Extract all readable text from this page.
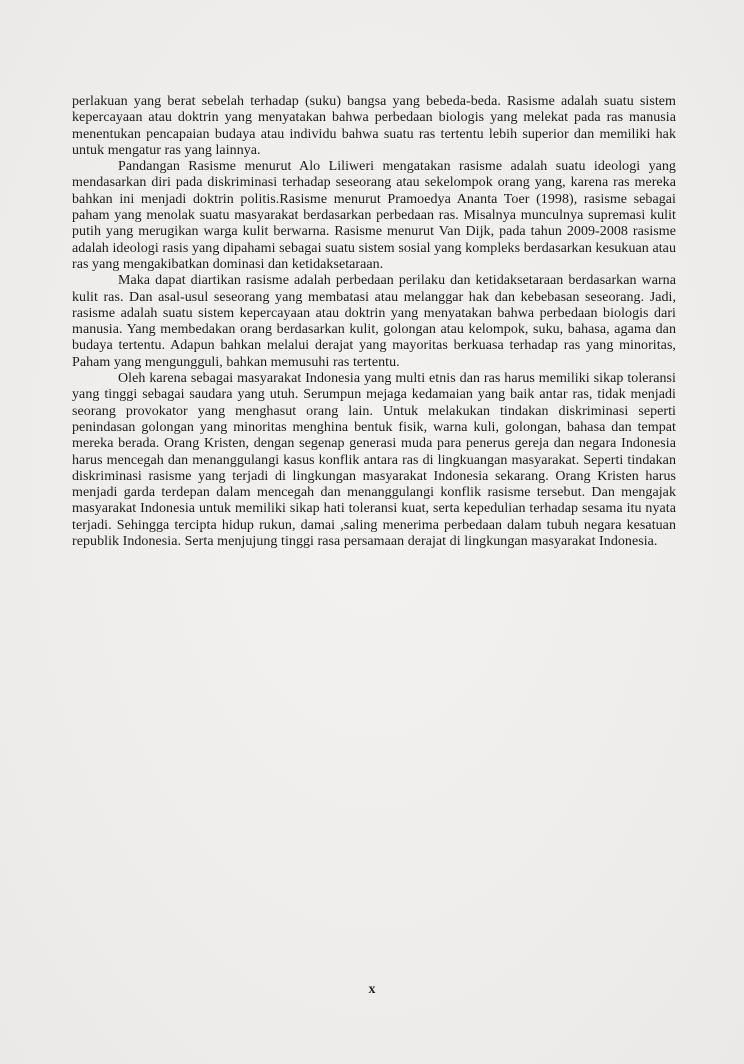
perlakuan yang berat sebelah terhadap (suku) bangsa yang bebeda-beda. Rasisme adalah suatu sistem kepercayaan atau doktrin yang menyatakan bahwa perbedaan biologis yang melekat pada ras manusia menentukan pencapaian budaya atau individu bahwa suatu ras tertentu lebih superior dan memiliki hak untuk mengatur ras yang lainnya.

Pandangan Rasisme menurut Alo Liliweri mengatakan rasisme adalah suatu ideologi yang mendasarkan diri pada diskriminasi terhadap seseorang atau sekelompok orang yang, karena ras mereka bahkan ini menjadi doktrin politis.Rasisme menurut Pramoedya Ananta Toer (1998), rasisme sebagai paham yang menolak suatu masyarakat berdasarkan perbedaan ras. Misalnya munculnya supremasi kulit putih yang merugikan warga kulit berwarna. Rasisme menurut Van Dijk, pada tahun 2009-2008 rasisme adalah ideologi rasis yang dipahami sebagai suatu sistem sosial yang kompleks berdasarkan kesukuan atau ras yang mengakibatkan dominasi dan ketidaksetaraan.

Maka dapat diartikan rasisme adalah perbedaan perilaku dan ketidaksetaraan berdasarkan warna kulit ras. Dan asal-usul seseorang yang membatasi atau melanggar hak dan kebebasan seseorang. Jadi, rasisme adalah suatu sistem kepercayaan atau doktrin yang menyatakan bahwa perbedaan biologis dari manusia. Yang membedakan orang berdasarkan kulit, golongan atau kelompok, suku, bahasa, agama dan budaya tertentu. Adapun bahkan melalui derajat yang mayoritas berkuasa terhadap ras yang minoritas, Paham yang mengungguli, bahkan memusuhi ras tertentu.

Oleh karena sebagai masyarakat Indonesia yang multi etnis dan ras harus memiliki sikap toleransi yang tinggi sebagai saudara yang utuh. Serumpun mejaga kedamaian yang baik antar ras, tidak menjadi seorang provokator yang menghasut orang lain. Untuk melakukan tindakan diskriminasi seperti penindasan golongan yang minoritas menghina bentuk fisik, warna kuli, golongan, bahasa dan tempat mereka berada. Orang Kristen, dengan segenap generasi muda para penerus gereja dan negara Indonesia harus mencegah dan menanggulangi kasus konflik antara ras di lingkuangan masyarakat. Seperti tindakan diskriminasi rasisme yang terjadi di lingkungan masyarakat Indonesia sekarang. Orang Kristen harus menjadi garda terdepan dalam mencegah dan menanggulangi konflik rasisme tersebut. Dan mengajak masyarakat Indonesia untuk memiliki sikap hati toleransi kuat, serta kepedulian terhadap sesama itu nyata terjadi. Sehingga tercipta hidup rukun, damai ,saling menerima perbedaan dalam tubuh negara kesatuan republik Indonesia. Serta menjujung tinggi rasa persamaan derajat di lingkungan masyarakat Indonesia.

x
